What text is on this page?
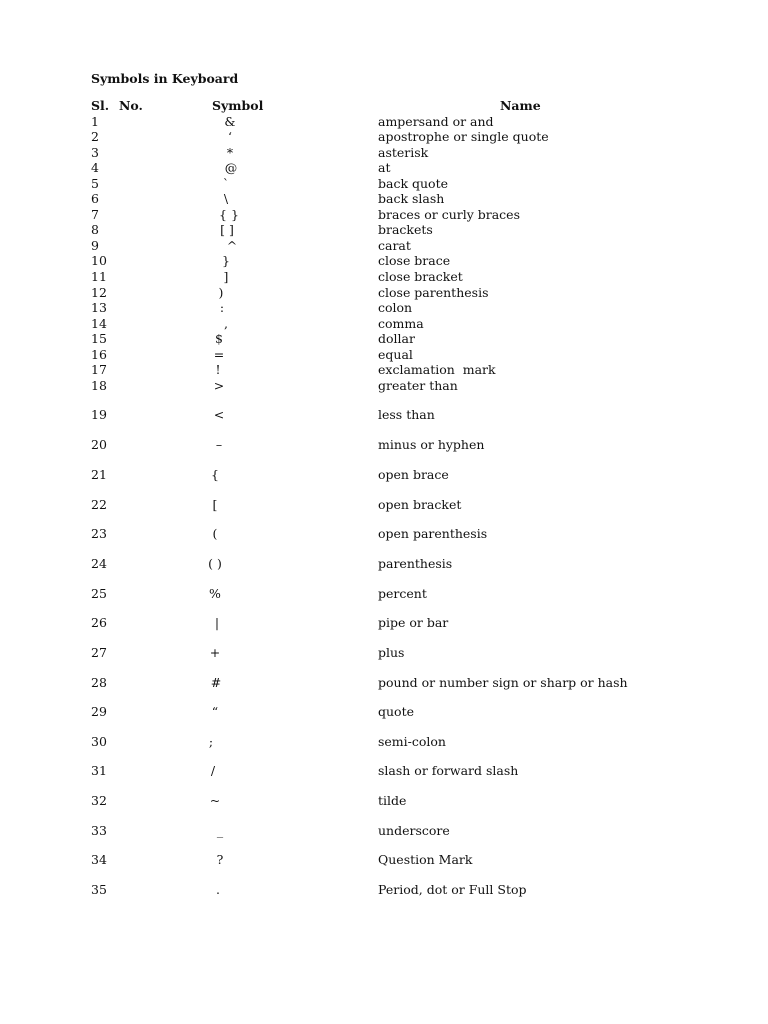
Symbols in Keyboard
Sl. No.	Symbol	Name
1	&	ampersand or and
2	‘	apostrophe or single quote
3	*	asterisk
4	@	at
5	`	back quote
6	\	back slash
7	{ }	braces or curly braces
8	[ ]	brackets
9	^	carat
10	}	close brace
11	]	close bracket
12	)	close parenthesis
13	:	colon
14	,	comma
15	$	dollar
16	=	equal
17	!	exclamation  mark
18	>	greater than
19	<	less than
20	–	minus or hyphen
21	{	open brace
22	[	open bracket
23	(	open parenthesis
24	( )	parenthesis
25	%	percent
26	|	pipe or bar
27	+	plus
28	#	pound or number sign or sharp or hash
29	“	quote
30	;	semi-colon
31	/	slash or forward slash
32	~	tilde
33	_	underscore
34	?	Question Mark
35	.	Period, dot or Full Stop
